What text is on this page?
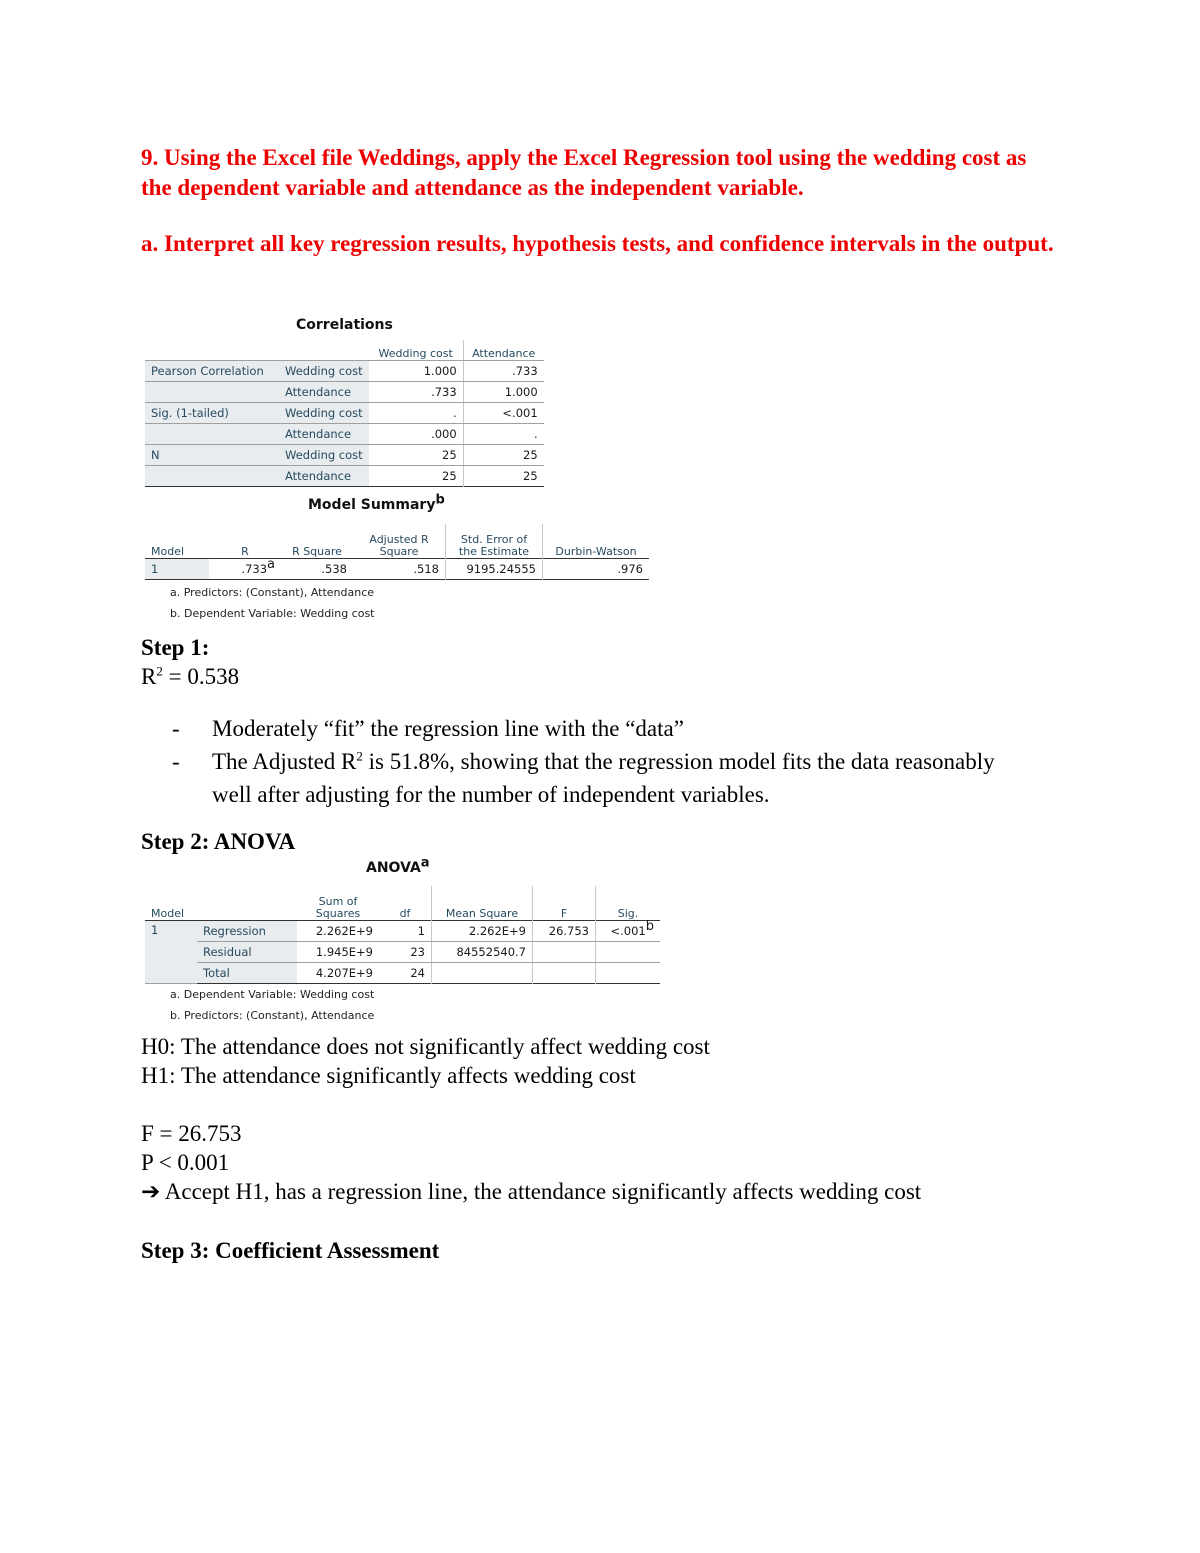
9. Using the Excel file Weddings, apply the Excel Regression tool using the wedding cost as the dependent variable and attendance as the independent variable.

a. Interpret all key regression results, hypothesis tests, and confidence intervals in the output.

Correlations
		Wedding cost	Attendance
Pearson Correlation	Wedding cost	1.000	.733
	Attendance	.733	1.000
Sig. (1-tailed)	Wedding cost	.	<.001
	Attendance	.000	.
N	Wedding cost	25	25
	Attendance	25	25
Model Summary$^b$
Model	R	R Square	Adjusted R Square	Std. Error of the Estimate	Durbin-Watson
1	.733$^a$	.538	.518	9195.24555	.976
a. Predictors: (Constant), Attendance
b. Dependent Variable: Wedding cost

Step 1:

$R^2 = 0.538$

- Moderately “fit” the regression line with the “data”
- The Adjusted $R^2$ is 51.8%, showing that the regression model fits the data reasonably well after adjusting for the number of independent variables.

Step 2: ANOVA

ANOVA$^a$
Model		Sum of Squares	df	Mean Square	F	Sig.
1	Regression	2.262E+9	1	2.262E+9	26.753	<.001$^b$
	Residual	1.945E+9	23	84552540.7		
	Total	4.207E+9	24			
a. Dependent Variable: Wedding cost
b. Predictors: (Constant), Attendance

H0: The attendance does not significantly affect wedding cost

H1: The attendance significantly affects wedding cost

F = 26.753

P < 0.001

➔ Accept H1, has a regression line, the attendance significantly affects wedding cost

Step 3: Coefficient Assessment
